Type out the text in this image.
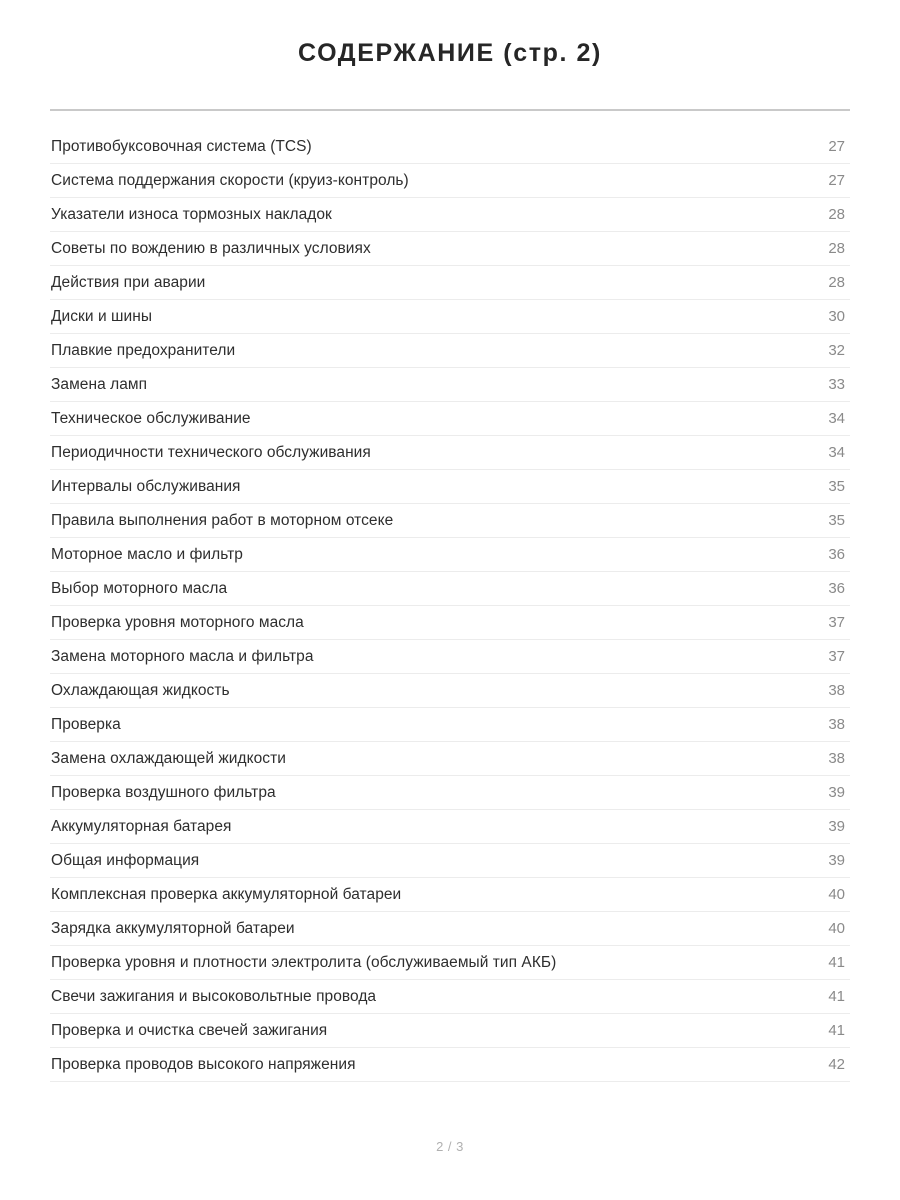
СОДЕРЖАНИЕ (стр. 2)
Противобуксовочная система (TCS)	27
Система поддержания скорости (круиз-контроль)	27
Указатели износа тормозных накладок	28
Советы по вождению в различных условиях	28
Действия при аварии	28
Диски и шины	30
Плавкие предохранители	32
Замена ламп	33
Техническое обслуживание	34
Периодичности технического обслуживания	34
Интервалы обслуживания	35
Правила выполнения работ в моторном отсеке	35
Моторное масло и фильтр	36
Выбор моторного масла	36
Проверка уровня моторного масла	37
Замена моторного масла и фильтра	37
Охлаждающая жидкость	38
Проверка	38
Замена охлаждающей жидкости	38
Проверка воздушного фильтра	39
Аккумуляторная батарея	39
Общая информация	39
Комплексная проверка аккумуляторной батареи	40
Зарядка аккумуляторной батареи	40
Проверка уровня и плотности электролита (обслуживаемый тип АКБ)	41
Свечи зажигания и высоковольтные провода	41
Проверка и очистка свечей зажигания	41
Проверка проводов высокого напряжения	42
2 / 3
